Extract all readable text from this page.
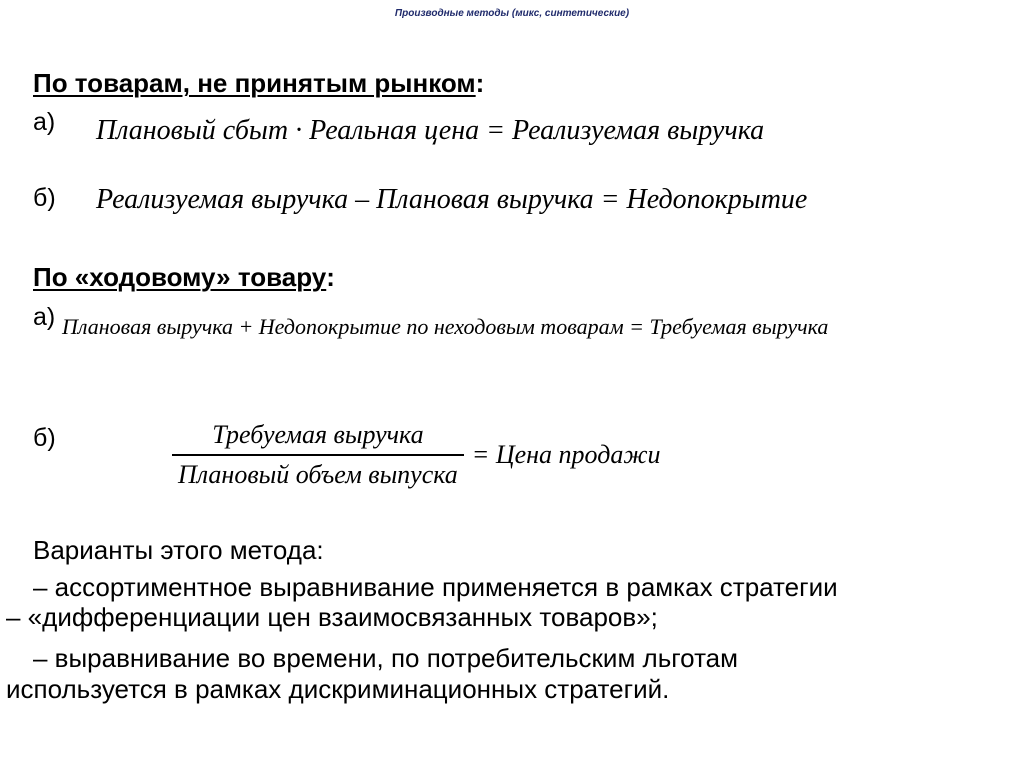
Производные методы (микс, синтетические)
По товарам, не принятым рынком:
а) Плановый сбыт · Реальная цена = Реализуемая выручка
б) Реализуемая выручка – Плановая выручка = Недопокрытие
По «ходовому» товару:
а) Плановая выручка + Недопокрытие по неходовым товарам = Требуемая выручка
б)	$\frac{\text{Требуемая выручка}}{\text{Плановый объем выпуска}}$ = Цена продажи
Варианты этого метода:
– ассортиментное выравнивание применяется в рамках стратегии
– «дифференциации цен взаимосвязанных товаров»;
– выравнивание во времени, по потребительским льготам
используется в рамках дискриминационных стратегий.
